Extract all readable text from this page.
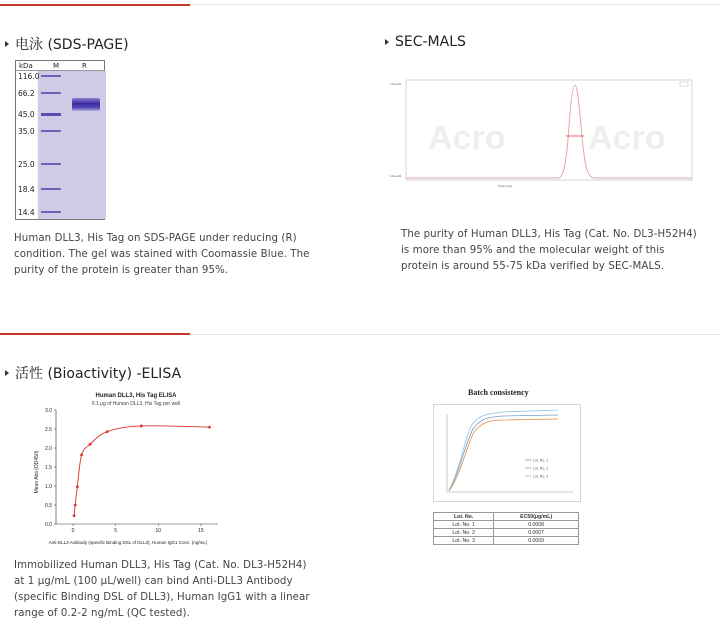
电泳 (SDS-PAGE)
kDa	M	R
116.0
66.2
45.0
35.0
25.0
18.4
14.4
Human DLL3, His Tag on SDS-PAGE under reducing (R) condition. The gel was stained with Coomassie Blue. The purity of the protein is greater than 95%.
SEC-MALS
Acro Acro
1.0e+05
1.0e+04
Time (min)
The purity of Human DLL3, His Tag (Cat. No. DL3-H52H4) is more than 95% and the molecular weight of this protein is around 55-75 kDa verified by SEC-MALS.
活性 (Bioactivity) -ELISA
Human DLL3, His Tag ELISA
0.1 μg of Human DLL3, His Tag per well
Mean Abs.(OD450)
Anti-DLL3 Antibody (specific Binding DSL of DLL3), Human IgG1 Conc. (ng/mL)
0.0
0.5
1.0
1.5
2.0
2.5
3.0
0	5	10	15
Immobilized Human DLL3, His Tag (Cat. No. DL3-H52H4) at 1 μg/mL (100 μL/well) can bind Anti-DLL3 Antibody (specific Binding DSL of DLL3), Human IgG1 with a linear range of 0.2-2 ng/mL (QC tested).
Batch consistency
Lot. No. 1
Lot. No. 2
Lot. No. 3
Lot. No.	EC50(μg/mL)
Lot. No. 1	0.0008
Lot. No. 2	0.0007
Lot. No. 3	0.0009
